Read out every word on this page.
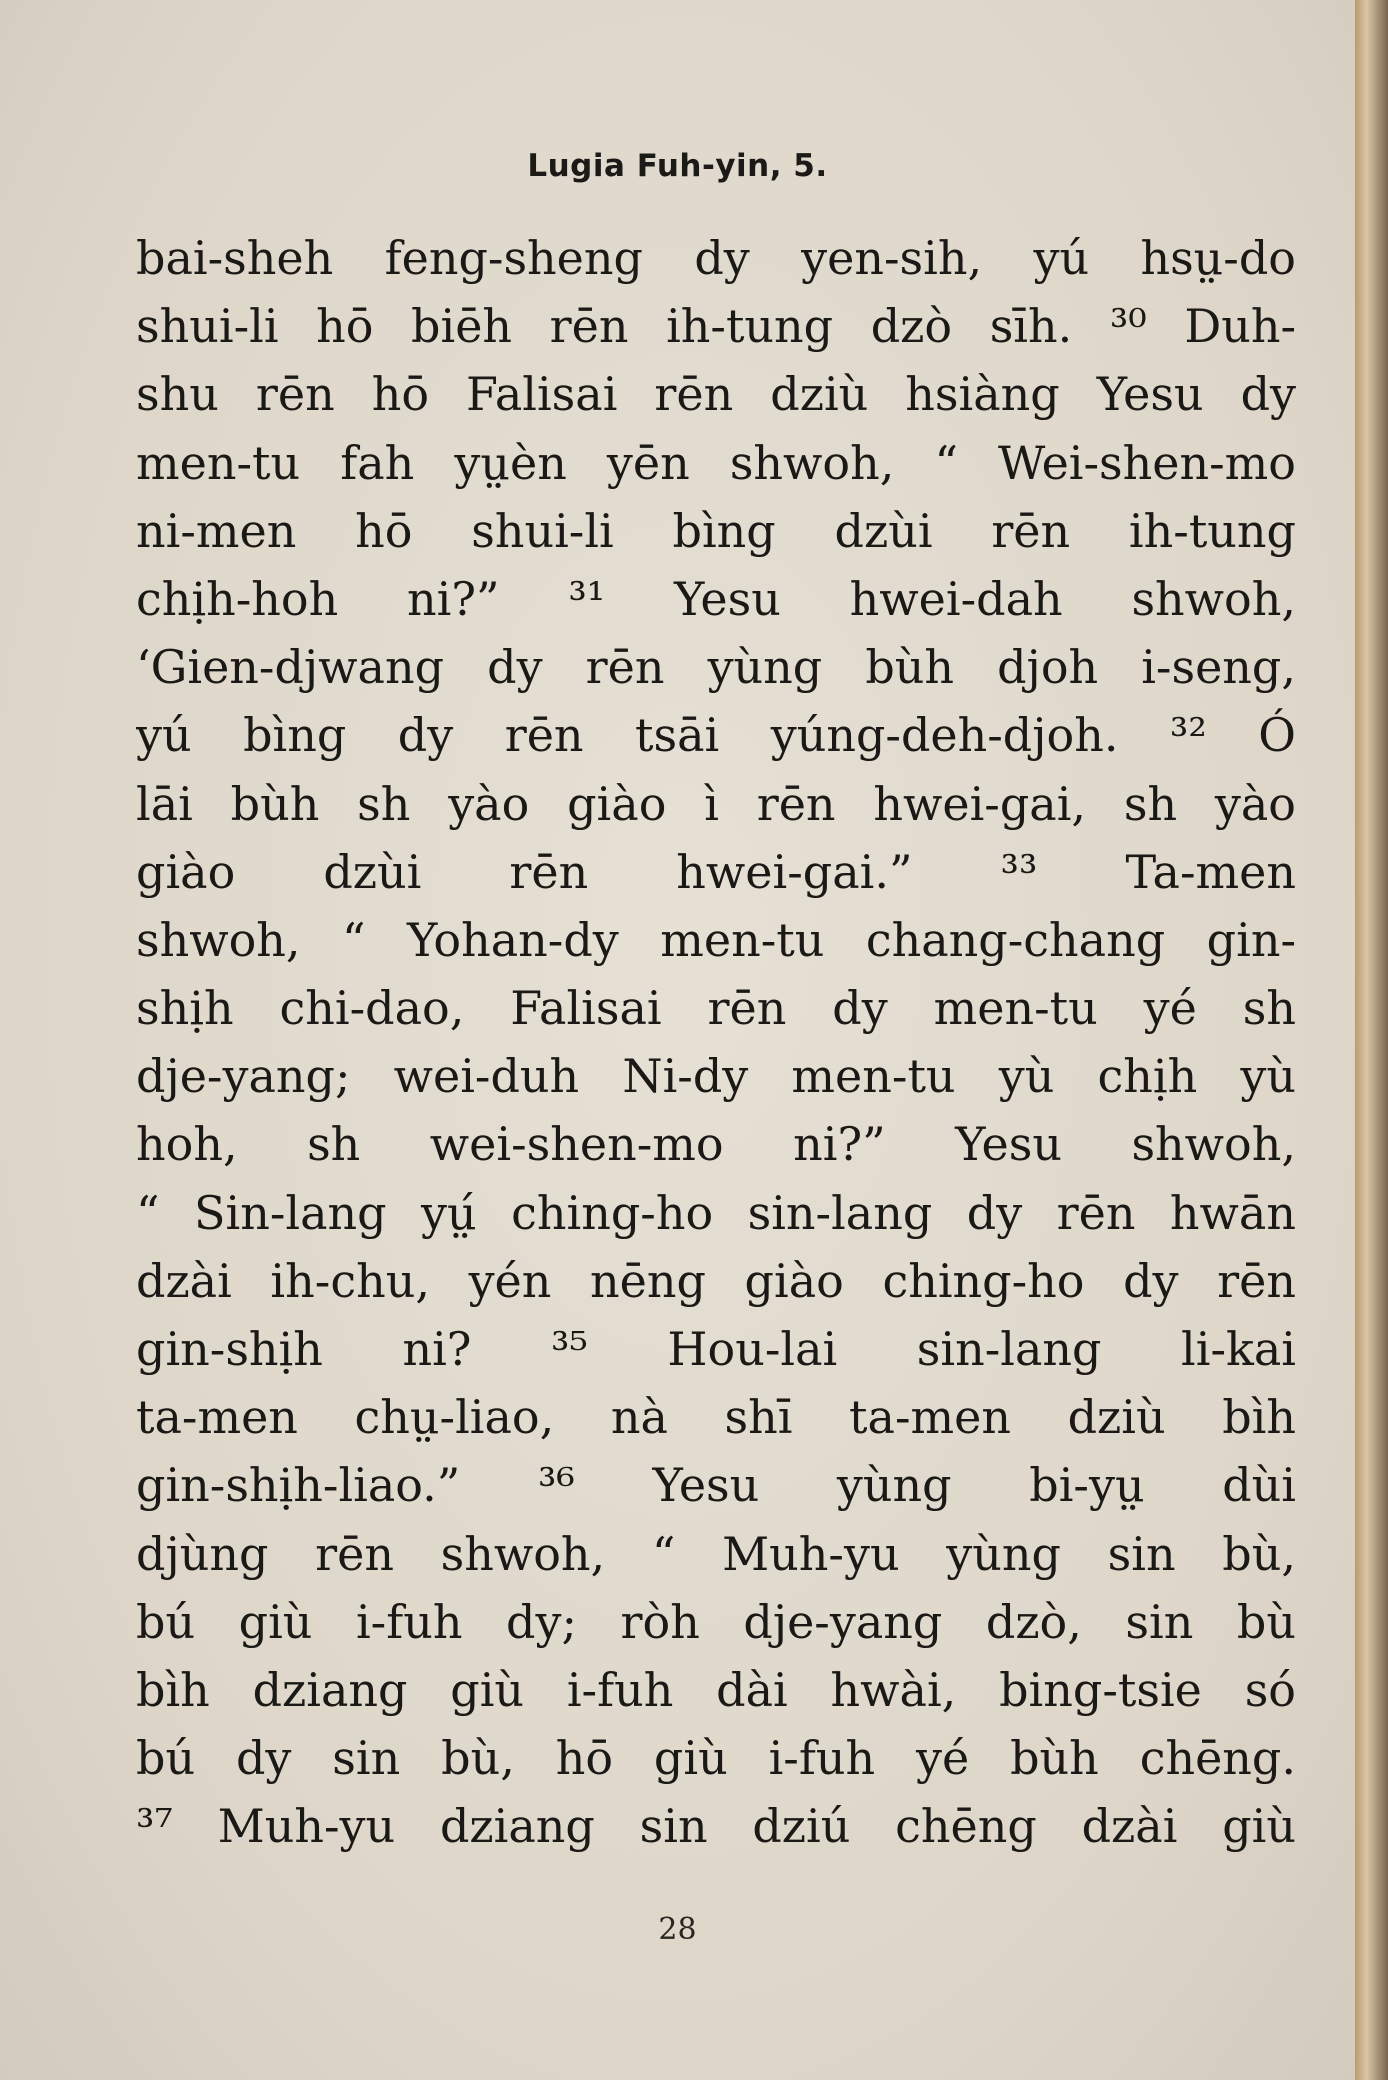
Lugia Fuh-yin, 5.
bai-sheh feng-sheng dy yen-sih, yú hsṳ-do
shui-li hō biēh rēn ih-tung dzò sīh. ³⁰ Duh-
shu rēn hō Falisai rēn dziù hsiàng Yesu dy
men-tu fah yṳèn yēn shwoh, “ Wei-shen-mo
ni-men hō shui-li bìng dzùi rēn ih-tung
chịh-hoh ni?” ³¹ Yesu hwei-dah shwoh,
‘Gien-djwang dy rēn yùng bùh djoh i-seng,
yú bìng dy rēn tsāi yúng-deh-djoh. ³² Ó
lāi bùh sh yào giào ì rēn hwei-gai, sh yào
giào dzùi rēn hwei-gai.” ³³ Ta-men
shwoh, “ Yohan-dy men-tu chang-chang gin-
shịh chi-dao, Falisai rēn dy men-tu yé sh
dje-yang; wei-duh Ni-dy men-tu yù chịh yù
hoh, sh wei-shen-mo ni?” Yesu shwoh,
“ Sin-lang yṳ́ ching-ho sin-lang dy rēn hwān
dzài ih-chu, yén nēng giào ching-ho dy rēn
gin-shịh ni? ³⁵ Hou-lai sin-lang li-kai
ta-men chṳ-liao, nà shī ta-men dziù bìh
gin-shịh-liao.” ³⁶ Yesu yùng bi-yṳ dùi
djùng rēn shwoh, “ Muh-yu yùng sin bù,
bú giù i-fuh dy; ròh dje-yang dzò, sin bù
bìh dziang giù i-fuh dài hwài, bing-tsie só
bú dy sin bù, hō giù i-fuh yé bùh chēng.
³⁷ Muh-yu dziang sin dziú chēng dzài giù
28
